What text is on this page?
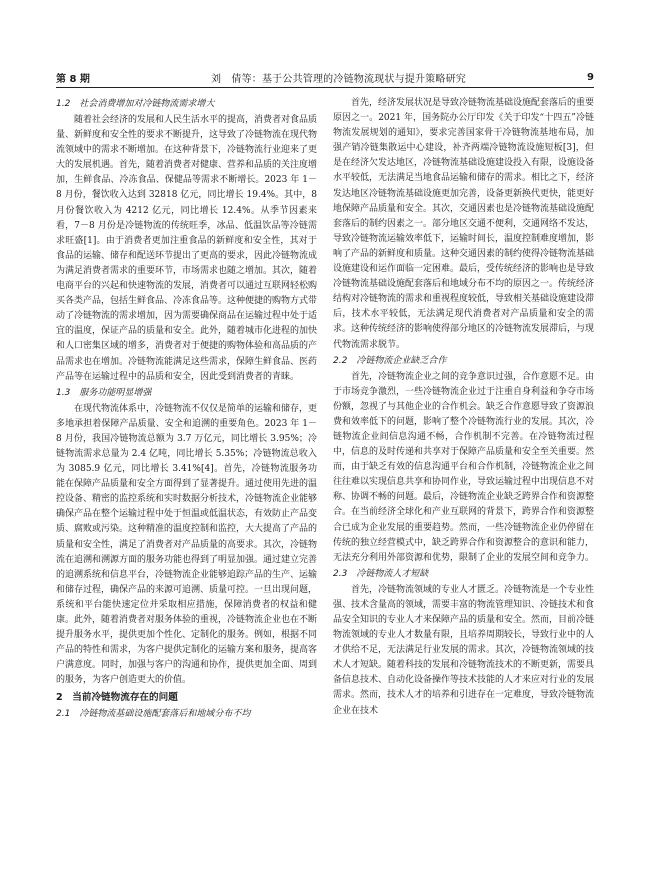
第 8 期	刘　倩等：基于公共管理的冷链物流现状与提升策略研究	9
1.2　社会消费增加对冷链物流需求增大

随着社会经济的发展和人民生活水平的提高，消费者对食品质量、新鲜度和安全性的要求不断提升，这导致了冷链物流在现代物流领域中的需求不断增加。在这种背景下，冷链物流行业迎来了更大的发展机遇。首先，随着消费者对健康、营养和品质的关注度增加，生鲜食品、冷冻食品、保健品等需求不断增长。2023 年 1－8 月份，餐饮收入达到 32818 亿元，同比增长 19.4%。其中，8 月份餐饮收入为 4212 亿元，同比增长 12.4%。从季节因素来看，7－8 月份是冷链物流的传统旺季，冰品、低温饮品等冷链需求旺盛[1]。由于消费者更加注重食品的新鲜度和安全性，其对于食品的运输、储存和配送环节提出了更高的要求，因此冷链物流成为满足消费者需求的重要环节，市场需求也随之增加。其次，随着电商平台的兴起和快速物流的发展，消费者可以通过互联网轻松购买各类产品，包括生鲜食品、冷冻食品等。这种便捷的购物方式带动了冷链物流的需求增加，因为需要确保商品在运输过程中处于适宜的温度，保证产品的质量和安全。此外，随着城市化进程的加快和人口密集区域的增多，消费者对于便捷的购物体验和高品质的产品需求也在增加。冷链物流能满足这些需求，保障生鲜食品、医药产品等在运输过程中的品质和安全，因此受到消费者的青睐。

1.3　服务功能明显增强

在现代物流体系中，冷链物流不仅仅是简单的运输和储存，更多地承担着保障产品质量、安全和追溯的重要角色。2023 年 1－8 月份，我国冷链物流总额为 3.7 万亿元，同比增长 3.95%；冷链物流需求总量为 2.4 亿吨，同比增长 5.35%；冷链物流总收入为 3085.9 亿元，同比增长 3.41%[4]。首先，冷链物流服务功能在保障产品质量和安全方面得到了显著提升。通过使用先进的温控设备、精密的监控系统和实时数据分析技术，冷链物流企业能够确保产品在整个运输过程中处于恒温或低温状态，有效防止产品变质、腐败或污染。这种精准的温度控制和监控，大大提高了产品的质量和安全性，满足了消费者对产品质量的高要求。其次，冷链物流在追溯和溯源方面的服务功能也得到了明显加强。通过建立完善的追溯系统和信息平台，冷链物流企业能够追踪产品的生产、运输和储存过程，确保产品的来源可追溯、质量可控。一旦出现问题，系统和平台能快速定位并采取相应措施，保障消费者的权益和健康。此外，随着消费者对服务体验的重视，冷链物流企业也在不断提升服务水平，提供更加个性化、定制化的服务。例如，根据不同产品的特性和需求，为客户提供定制化的运输方案和服务，提高客户满意度。同时，加强与客户的沟通和协作，提供更加全面、周到的服务，为客户创造更大的价值。

2　当前冷链物流存在的问题
2.1　冷链物流基础设施配套落后和地域分布不均

首先，经济发展状况是导致冷链物流基础设施配套落后的重要原因之一。2021 年，国务院办公厅印发《关于印发“十四五”冷链物流发展规划的通知》，要求完善国家骨干冷链物流基地布局，加强产销冷链集散运中心建设，补齐两端冷链物流设施短板[3]，但是在经济欠发达地区，冷链物流基础设施建设投入有限，设施设备水平较低，无法满足当地食品运输和储存的需求。相比之下，经济发达地区冷链物流基础设施更加完善，设备更新换代更快，能更好地保障产品质量和安全。其次，交通因素也是冷链物流基础设施配套落后的制约因素之一。部分地区交通不便利，交通网络不发达，导致冷链物流运输效率低下，运输时间长，温度控制难度增加，影响了产品的新鲜度和质量。这种交通因素的制约使得冷链物流基础设施建设和运作面临一定困难。最后，受传统经济的影响也是导致冷链物流基础设施配套落后和地域分布不均的原因之一。传统经济结构对冷链物流的需求和重视程度较低，导致相关基础设施建设滞后，技术水平较低，无法满足现代消费者对产品质量和安全的需求。这种传统经济的影响使得部分地区的冷链物流发展滞后，与现代物流需求脱节。

2.2　冷链物流企业缺乏合作

首先，冷链物流企业之间的竞争意识过强，合作意愿不足。由于市场竞争激烈，一些冷链物流企业过于注重自身利益和争夺市场份额，忽视了与其他企业的合作机会。缺乏合作意愿导致了资源浪费和效率低下的问题，影响了整个冷链物流行业的发展。其次，冷链物流企业间信息沟通不畅，合作机制不完善。在冷链物流过程中，信息的及时传递和共享对于保障产品质量和安全至关重要。然而，由于缺乏有效的信息沟通平台和合作机制，冷链物流企业之间往往难以实现信息共享和协同作业，导致运输过程中出现信息不对称、协调不畅的问题。最后，冷链物流企业缺乏跨界合作和资源整合。在当前经济全球化和产业互联网的背景下，跨界合作和资源整合已成为企业发展的重要趋势。然而，一些冷链物流企业仍停留在传统的独立经营模式中，缺乏跨界合作和资源整合的意识和能力，无法充分利用外部资源和优势，限制了企业的发展空间和竞争力。

2.3　冷链物流人才短缺

首先，冷链物流领域的专业人才匮乏。冷链物流是一个专业性强、技术含量高的领域，需要丰富的物流管理知识、冷链技术和食品安全知识的专业人才来保障产品的质量和安全。然而，目前冷链物流领域的专业人才数量有限，且培养周期较长，导致行业中的人才供给不足，无法满足行业发展的需求。其次，冷链物流领域的技术人才短缺。随着科技的发展和冷链物流技术的不断更新，需要具备信息技术、自动化设备操作等技术技能的人才来应对行业的发展需求。然而，技术人才的培养和引进存在一定难度，导致冷链物流企业在技术
